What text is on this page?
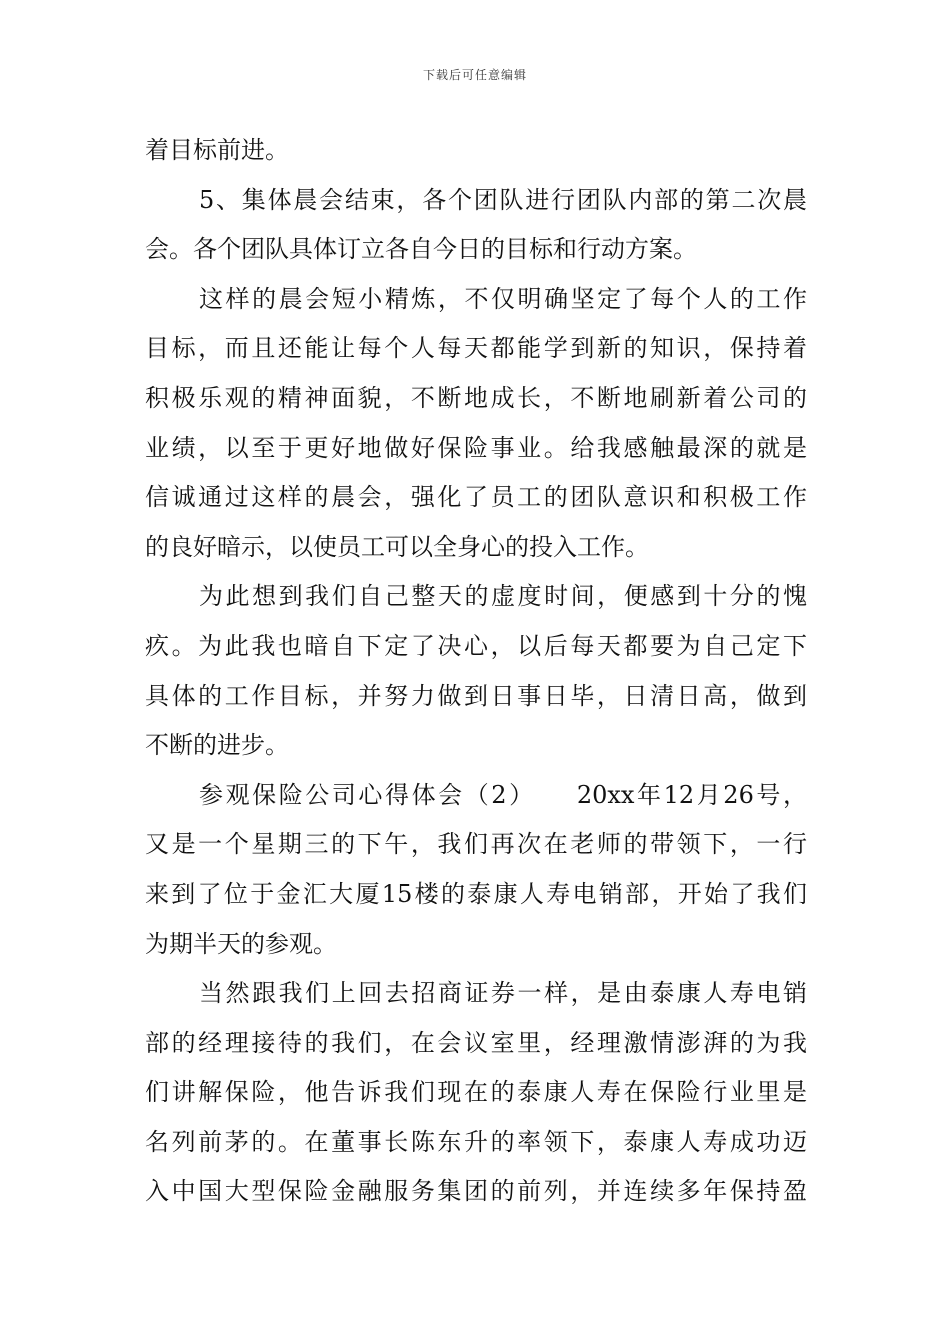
下载后可任意编辑
着目标前进。
5、集体晨会结束，各个团队进行团队内部的第二次晨
会。各个团队具体订立各自今日的目标和行动方案。
这样的晨会短小精炼，不仅明确坚定了每个人的工作
目标，而且还能让每个人每天都能学到新的知识，保持着
积极乐观的精神面貌，不断地成长，不断地刷新着公司的
业绩，以至于更好地做好保险事业。给我感触最深的就是
信诚通过这样的晨会，强化了员工的团队意识和积极工作
的良好暗示，以使员工可以全身心的投入工作。
为此想到我们自己整天的虚度时间，便感到十分的愧
疚。为此我也暗自下定了决心，以后每天都要为自己定下
具体的工作目标，并努力做到日事日毕，日清日高，做到
不断的进步。
参观保险公司心得体会（2）　　20xx年12月26号，
又是一个星期三的下午，我们再次在老师的带领下，一行
来到了位于金汇大厦15楼的泰康人寿电销部，开始了我们
为期半天的参观。
当然跟我们上回去招商证券一样，是由泰康人寿电销
部的经理接待的我们，在会议室里，经理激情澎湃的为我
们讲解保险，他告诉我们现在的泰康人寿在保险行业里是
名列前茅的。在董事长陈东升的率领下，泰康人寿成功迈
入中国大型保险金融服务集团的前列，并连续多年保持盈
